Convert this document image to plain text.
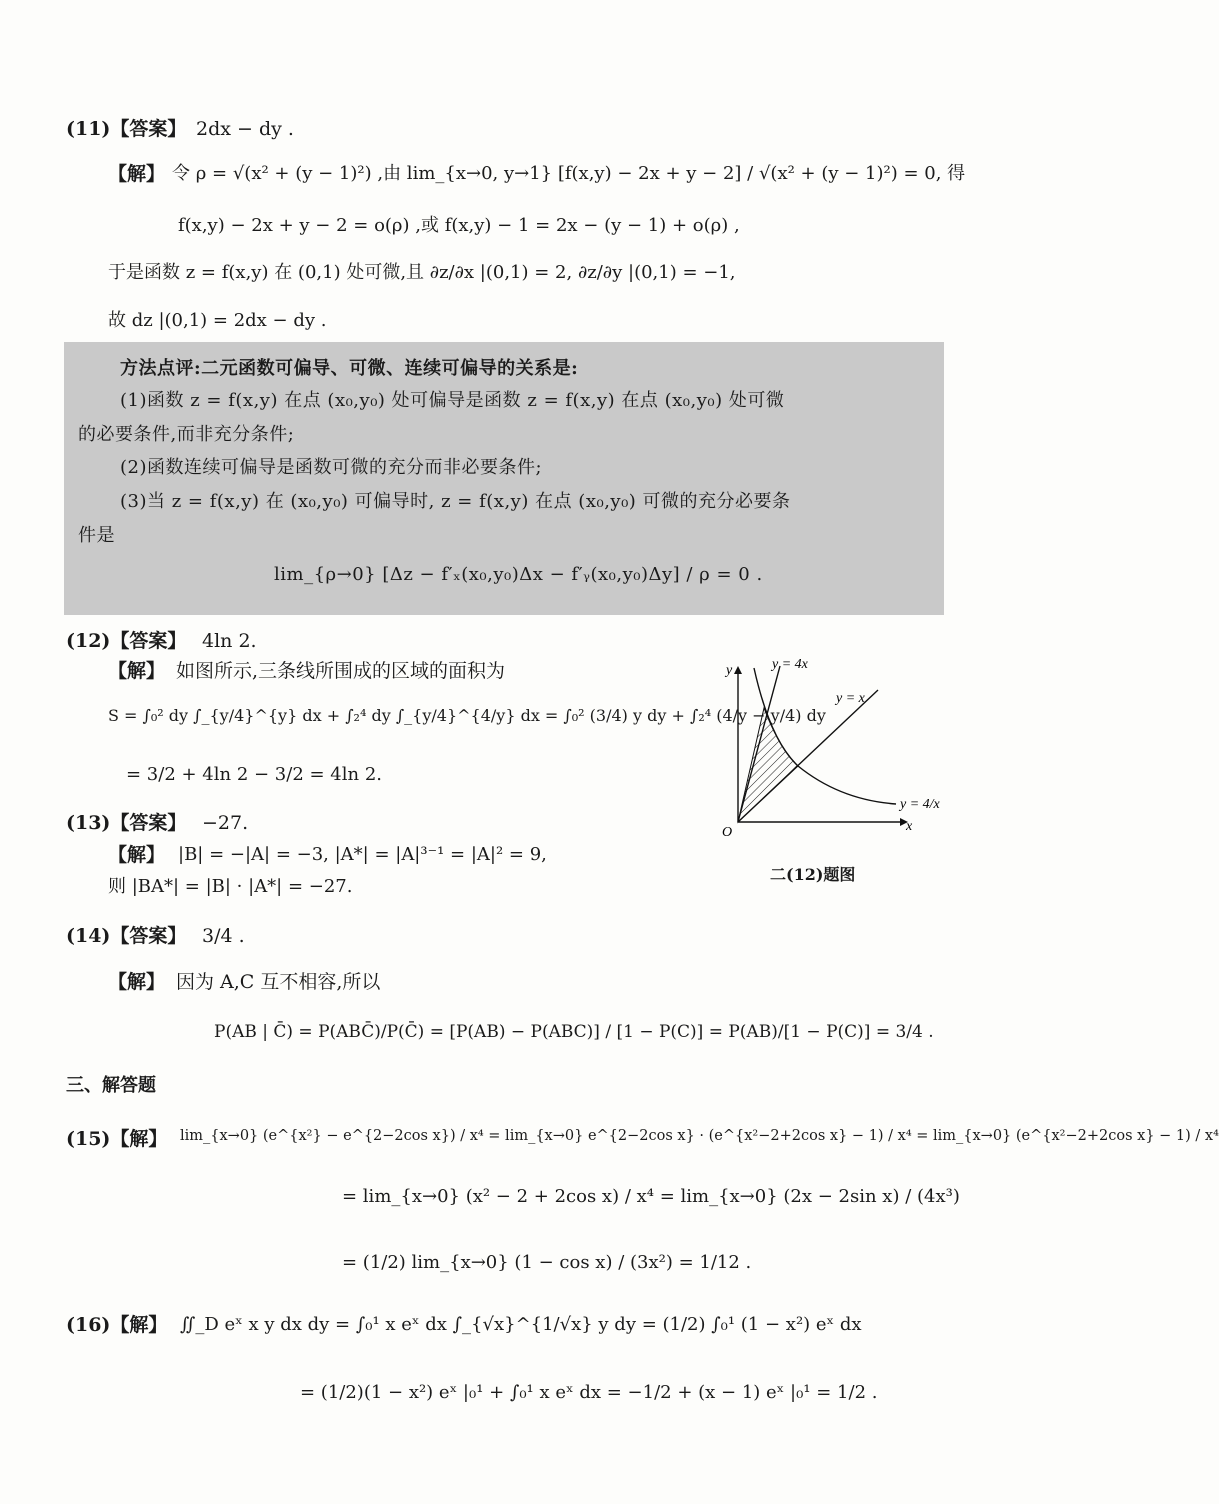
(11)【答案】 2dx − dy .
【解】 令 ρ = √(x² + (y − 1)²) ,由 lim_{x→0, y→1} [f(x,y) − 2x + y − 2] / √(x² + (y − 1)²) = 0, 得
f(x,y) − 2x + y − 2 = o(ρ) ,或 f(x,y) − 1 = 2x − (y − 1) + o(ρ) ,
于是函数 z = f(x,y) 在 (0,1) 处可微,且 ∂z/∂x |(0,1) = 2, ∂z/∂y |(0,1) = −1,
故 dz |(0,1) = 2dx − dy .
方法点评:二元函数可偏导、可微、连续可偏导的关系是:
(1)函数 z = f(x,y) 在点 (x₀,y₀) 处可偏导是函数 z = f(x,y) 在点 (x₀,y₀) 处可微
的必要条件,而非充分条件;
(2)函数连续可偏导是函数可微的充分而非必要条件;
(3)当 z = f(x,y) 在 (x₀,y₀) 可偏导时, z = f(x,y) 在点 (x₀,y₀) 可微的充分必要条
件是
lim_{ρ→0} [Δz − f′ₓ(x₀,y₀)Δx − f′ᵧ(x₀,y₀)Δy] / ρ = 0 .
(12)【答案】 4ln 2.
【解】 如图所示,三条线所围成的区域的面积为
S = ∫₀² dy ∫_{y/4}^{y} dx + ∫₂⁴ dy ∫_{y/4}^{4/y} dx = ∫₀² (3/4) y dy + ∫₂⁴ (4/y − y/4) dy
= 3/2 + 4ln 2 − 3/2 = 4ln 2.
y = 4x
y = x
y = 4/x
y
x
O
二(12)题图
(13)【答案】 −27.
【解】 |B| = −|A| = −3, |A*| = |A|³⁻¹ = |A|² = 9,
则 |BA*| = |B| · |A*| = −27.
(14)【答案】 3/4 .
【解】 因为 A,C 互不相容,所以
P(AB | C̄) = P(ABC̄)/P(C̄) = [P(AB) − P(ABC)] / [1 − P(C)] = P(AB)/[1 − P(C)] = 3/4 .
三、解答题
(15)【解】 lim_{x→0} (e^{x²} − e^{2−2cos x}) / x⁴ = lim_{x→0} e^{2−2cos x} · (e^{x²−2+2cos x} − 1) / x⁴ = lim_{x→0} (e^{x²−2+2cos x} − 1) / x⁴
= lim_{x→0} (x² − 2 + 2cos x) / x⁴ = lim_{x→0} (2x − 2sin x) / (4x³)
= (1/2) lim_{x→0} (1 − cos x) / (3x²) = 1/12 .
(16)【解】 ∬_D eˣ x y dx dy = ∫₀¹ x eˣ dx ∫_{√x}^{1/√x} y dy = (1/2) ∫₀¹ (1 − x²) eˣ dx
= (1/2)(1 − x²) eˣ |₀¹ + ∫₀¹ x eˣ dx = −1/2 + (x − 1) eˣ |₀¹ = 1/2 .
